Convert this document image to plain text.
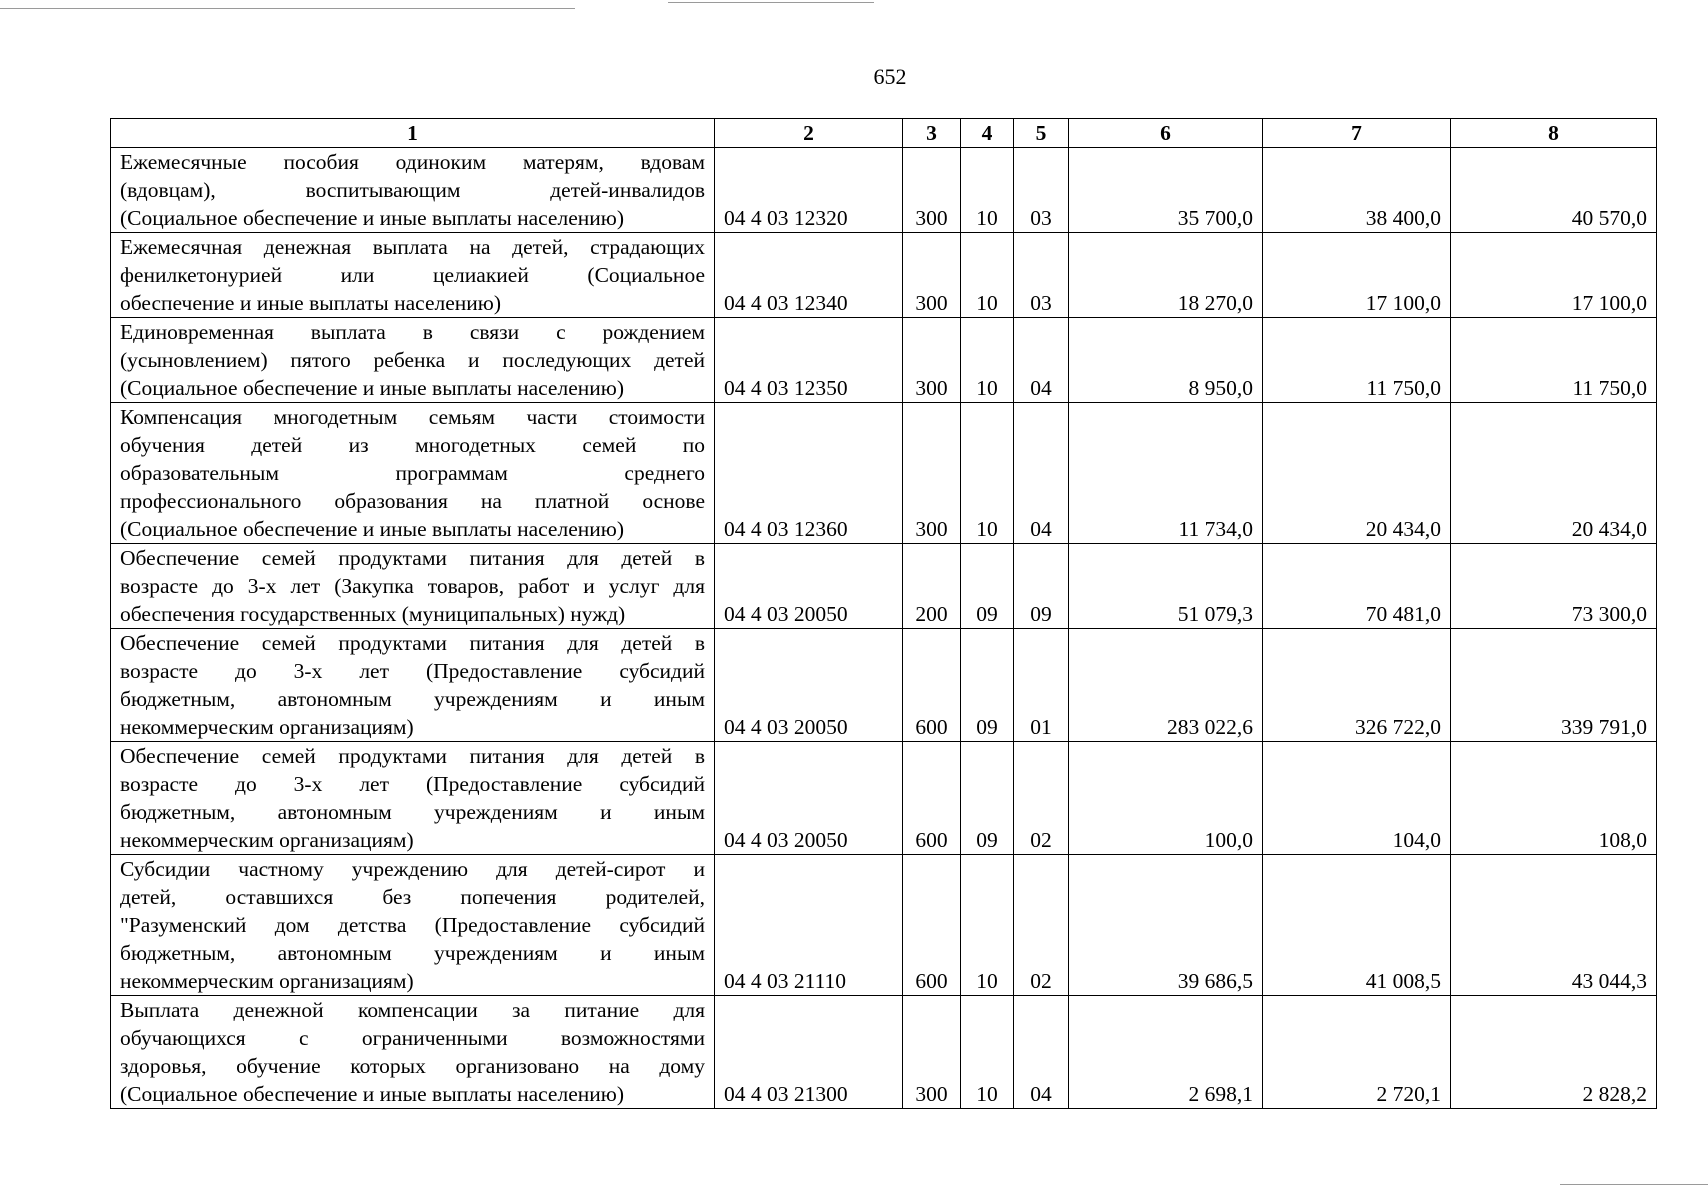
652
1	2	3	4	5	6	7	8

Ежемесячные пособия одиноким матерям, вдовам
(вдовцам), воспитывающим детей-инвалидов
(Социальное обеспечение и иные выплаты населению)	04 4 03 12320	300	10	03	35 700,0	38 400,0	40 570,0

Ежемесячная денежная выплата на детей, страдающих
фенилкетонурией или целиакией (Социальное
обеспечение и иные выплаты населению)	04 4 03 12340	300	10	03	18 270,0	17 100,0	17 100,0

Единовременная выплата в связи с рождением
(усыновлением) пятого ребенка и последующих детей
(Социальное обеспечение и иные выплаты населению)	04 4 03 12350	300	10	04	8 950,0	11 750,0	11 750,0

Компенсация многодетным семьям части стоимости
обучения детей из многодетных семей по
образовательным программам среднего
профессионального образования на платной основе
(Социальное обеспечение и иные выплаты населению)	04 4 03 12360	300	10	04	11 734,0	20 434,0	20 434,0

Обеспечение семей продуктами питания для детей в
возрасте до 3-х лет (Закупка товаров, работ и услуг для
обеспечения государственных (муниципальных) нужд)	04 4 03 20050	200	09	09	51 079,3	70 481,0	73 300,0

Обеспечение семей продуктами питания для детей в
возрасте до 3-х лет (Предоставление субсидий
бюджетным, автономным учреждениям и иным
некоммерческим организациям)	04 4 03 20050	600	09	01	283 022,6	326 722,0	339 791,0

Обеспечение семей продуктами питания для детей в
возрасте до 3-х лет (Предоставление субсидий
бюджетным, автономным учреждениям и иным
некоммерческим организациям)	04 4 03 20050	600	09	02	100,0	104,0	108,0

Субсидии частному учреждению для детей-сирот и
детей, оставшихся без попечения родителей,
"Разуменский дом детства (Предоставление субсидий
бюджетным, автономным учреждениям и иным
некоммерческим организациям)	04 4 03 21110	600	10	02	39 686,5	41 008,5	43 044,3

Выплата денежной компенсации за питание для
обучающихся с ограниченными возможностями
здоровья, обучение которых организовано на дому
(Социальное обеспечение и иные выплаты населению)	04 4 03 21300	300	10	04	2 698,1	2 720,1	2 828,2
